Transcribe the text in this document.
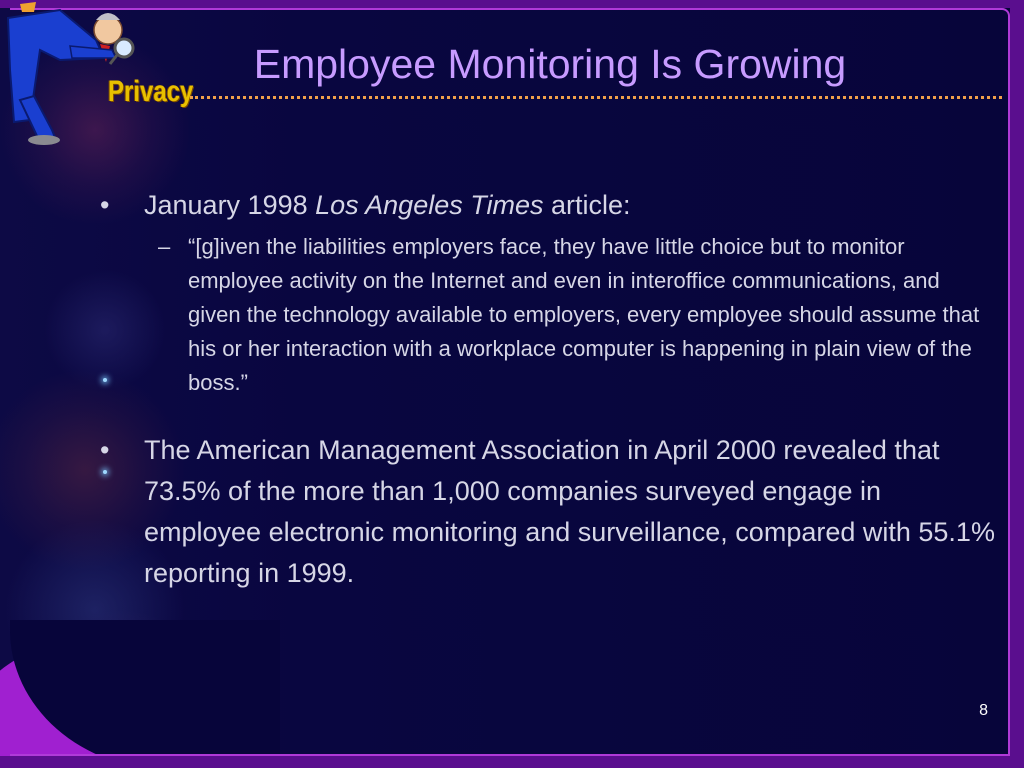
Privacy
Employee Monitoring Is Growing
•	January 1998 Los Angeles Times article:
– “[g]iven the liabilities employers face, they have little choice but to monitor employee activity on the Internet and even in interoffice communications, and given the technology available to employers, every employee should assume that his or her interaction with a workplace computer is happening in plain view of the boss.”
•	The American Management Association in April 2000 revealed that 73.5% of the more than 1,000 companies surveyed engage in employee electronic monitoring and surveillance, compared with 55.1% reporting in 1999.
8
